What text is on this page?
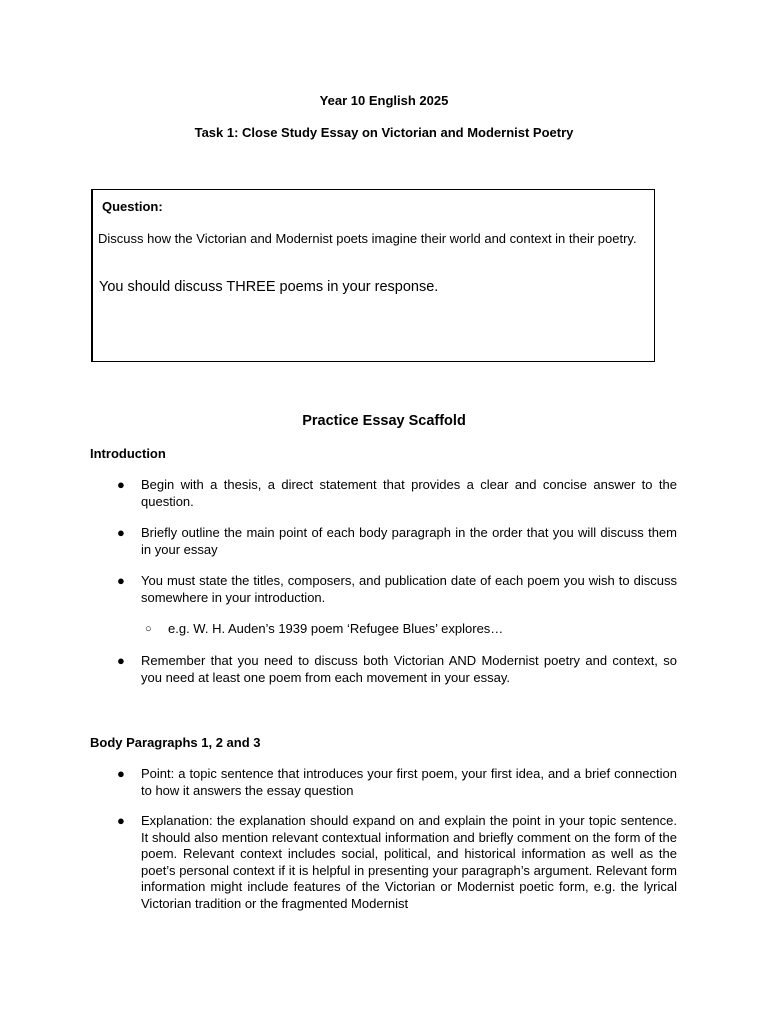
Year 10 English 2025
Task 1: Close Study Essay on Victorian and Modernist Poetry
Question:
Discuss how the Victorian and Modernist poets imagine their world and context in their poetry.
You should discuss THREE poems in your response.
Practice Essay Scaffold
Introduction
● Begin with a thesis, a direct statement that provides a clear and concise answer to the question.
● Briefly outline the main point of each body paragraph in the order that you will discuss them in your essay
● You must state the titles, composers, and publication date of each poem you wish to discuss somewhere in your introduction.
○ e.g. W. H. Auden’s 1939 poem ‘Refugee Blues’ explores…
● Remember that you need to discuss both Victorian AND Modernist poetry and context, so you need at least one poem from each movement in your essay.
Body Paragraphs 1, 2 and 3
● Point: a topic sentence that introduces your first poem, your first idea, and a brief connection to how it answers the essay question
● Explanation: the explanation should expand on and explain the point in your topic sentence. It should also mention relevant contextual information and briefly comment on the form of the poem. Relevant context includes social, political, and historical information as well as the poet’s personal context if it is helpful in presenting your paragraph’s argument. Relevant form information might include features of the Victorian or Modernist poetic form, e.g. the lyrical Victorian tradition or the fragmented Modernist
